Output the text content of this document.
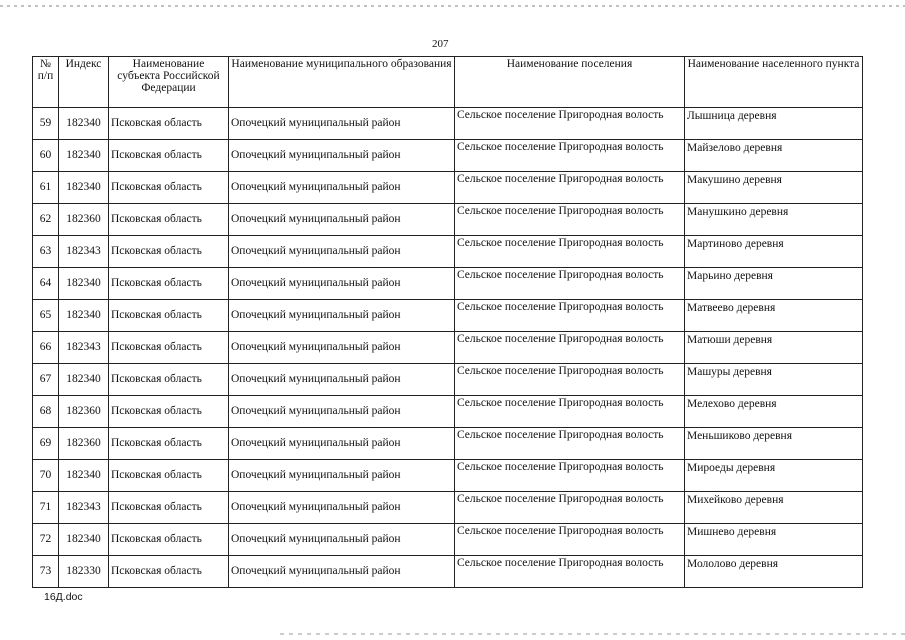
207
№ п/п	Индекс	Наименование субъекта Российской Федерации	Наименование муниципального образования	Наименование поселения	Наименование населенного пункта
59	182340	Псковская область	Опочецкий муниципальный район	Сельское поселение Пригородная волость	Лышница деревня
60	182340	Псковская область	Опочецкий муниципальный район	Сельское поселение Пригородная волость	Майзелово деревня
61	182340	Псковская область	Опочецкий муниципальный район	Сельское поселение Пригородная волость	Макушино деревня
62	182360	Псковская область	Опочецкий муниципальный район	Сельское поселение Пригородная волость	Манушкино деревня
63	182343	Псковская область	Опочецкий муниципальный район	Сельское поселение Пригородная волость	Мартиново деревня
64	182340	Псковская область	Опочецкий муниципальный район	Сельское поселение Пригородная волость	Марьино деревня
65	182340	Псковская область	Опочецкий муниципальный район	Сельское поселение Пригородная волость	Матвеево деревня
66	182343	Псковская область	Опочецкий муниципальный район	Сельское поселение Пригородная волость	Матюши деревня
67	182340	Псковская область	Опочецкий муниципальный район	Сельское поселение Пригородная волость	Машуры деревня
68	182360	Псковская область	Опочецкий муниципальный район	Сельское поселение Пригородная волость	Мелехово деревня
69	182360	Псковская область	Опочецкий муниципальный район	Сельское поселение Пригородная волость	Меньшиково деревня
70	182340	Псковская область	Опочецкий муниципальный район	Сельское поселение Пригородная волость	Мироеды деревня
71	182343	Псковская область	Опочецкий муниципальный район	Сельское поселение Пригородная волость	Михейково деревня
72	182340	Псковская область	Опочецкий муниципальный район	Сельское поселение Пригородная волость	Мишнево деревня
73	182330	Псковская область	Опочецкий муниципальный район	Сельское поселение Пригородная волость	Мололово деревня
16Д.doc
